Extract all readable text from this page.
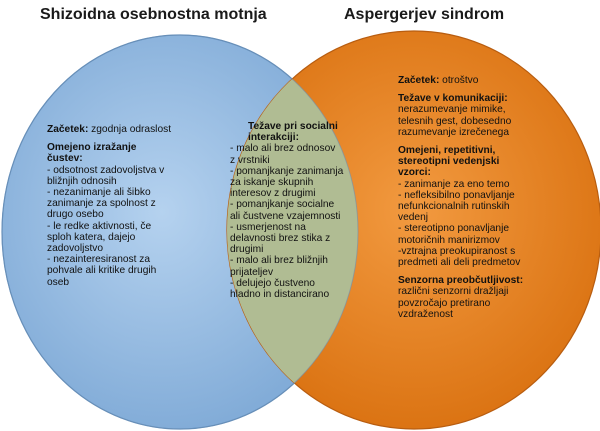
Shizoidna osebnostna motnja	Aspergerjev sindrom
Začetek: zgodnja odraslost
Omejeno izražanje
čustev:
- odsotnost zadovoljstva v
bližnjih odnosih
- nezanimanje ali šibko
zanimanje za spolnost z
drugo osebo
- le redke aktivnosti, če
sploh katera, dajejo
zadovoljstvo
- nezainteresiranost za
pohvale ali kritike drugih
oseb
Težave pri socialni
interakciji:
- malo ali brez odnosov
z vrstniki
- pomanjkanje zanimanja
za iskanje skupnih
interesov z drugimi
- pomanjkanje socialne
ali čustvene vzajemnosti
- usmerjenost na
delavnosti brez stika z
drugimi
- malo ali brez bližnjih
prijateljev
- delujejo čustveno
hladno in distancirano
Začetek: otroštvo
Težave v komunikaciji:
nerazumevanje mimike,
telesnih gest, dobesedno
razumevanje izrečenega
Omejeni, repetitivni,
stereotipni vedenjski
vzorci:
- zanimanje za eno temo
- nefleksibilno ponavljanje
nefunkcionalnih rutinskih
vedenj
- stereotipno ponavljanje
motoričnih manirizmov
-vztrajna preokupiranost s
predmeti ali deli predmetov
Senzorna preobčutljivost:
različni senzorni dražljaji
povzročajo pretirano
vzdraženost
